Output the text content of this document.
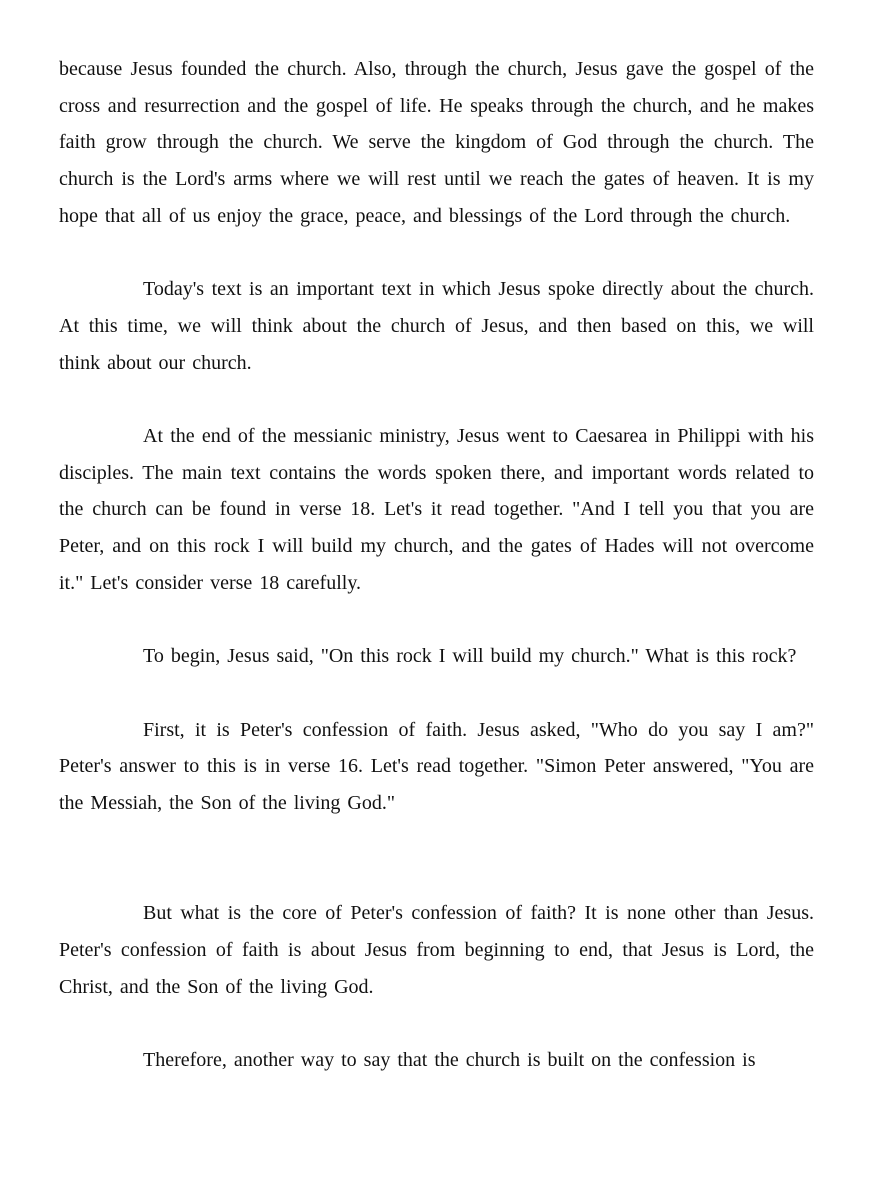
because Jesus founded the church. Also, through the church, Jesus gave the gospel of the cross and resurrection and the gospel of life. He speaks through the church, and he makes faith grow through the church. We serve the kingdom of God through the church. The church is the Lord's arms where we will rest until we reach the gates of heaven. It is my hope that all of us enjoy the grace, peace, and blessings of the Lord through the church.

Today's text is an important text in which Jesus spoke directly about the church. At this time, we will think about the church of Jesus, and then based on this, we will think about our church.

At the end of the messianic ministry, Jesus went to Caesarea in Philippi with his disciples. The main text contains the words spoken there, and important words related to the church can be found in verse 18. Let's it read together. "And I tell you that you are Peter, and on this rock I will build my church, and the gates of Hades will not overcome it." Let's consider verse 18 carefully.

To begin, Jesus said, "On this rock I will build my church." What is this rock?

First, it is Peter's confession of faith. Jesus asked, "Who do you say I am?" Peter's answer to this is in verse 16. Let's read together. "Simon Peter answered, "You are the Messiah, the Son of the living God."

But what is the core of Peter's confession of faith? It is none other than Jesus. Peter's confession of faith is about Jesus from beginning to end, that Jesus is Lord, the Christ, and the Son of the living God.

Therefore, another way to say that the church is built on the confession is
